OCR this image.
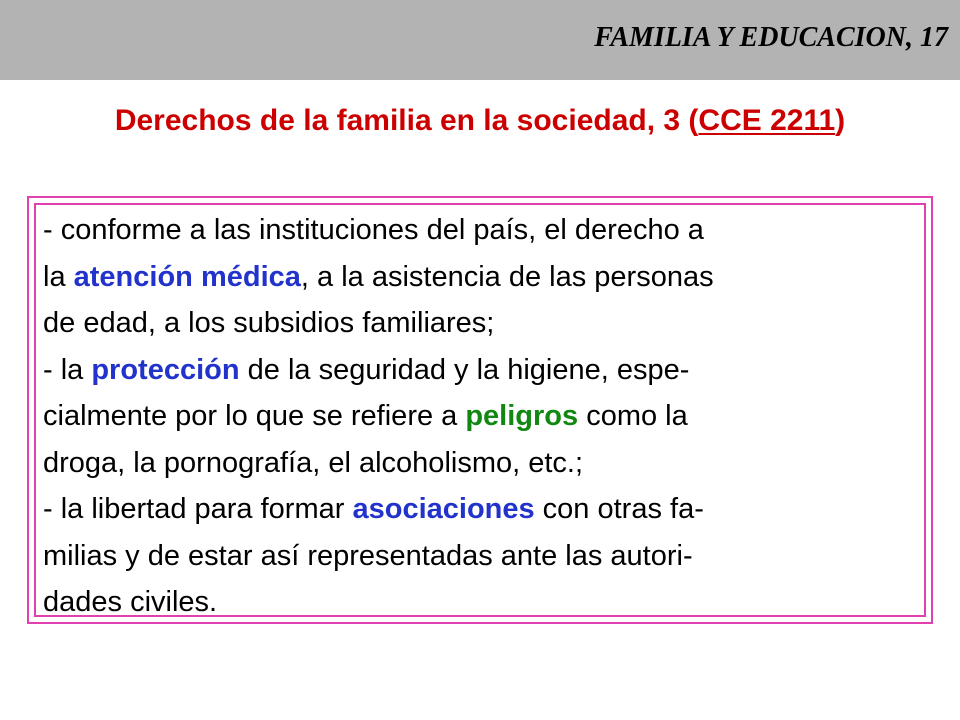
FAMILIA Y EDUCACION, 17
Derechos de la familia en la sociedad, 3 (CCE 2211)
- conforme a las instituciones del país, el derecho a
la atención médica, a la asistencia de las personas
de edad, a los subsidios familiares;
- la protección de la seguridad y la higiene, espe-
cialmente por lo que se refiere a peligros como la
droga, la pornografía, el alcoholismo, etc.;
- la libertad para formar asociaciones con otras fa-
milias y de estar así representadas ante las autori-
dades civiles.
